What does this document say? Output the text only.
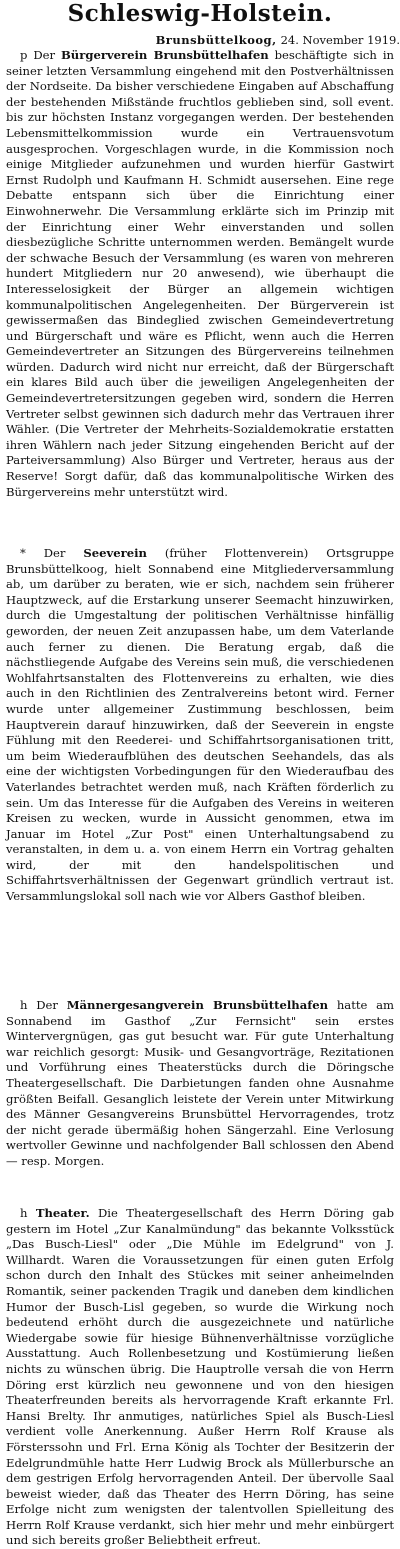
Schleswig-Holstein.
Brunsbüttelkoog, 24. November 1919.

p Der Bürgerverein Brunsbüttelhafen beschäftigte sich in seiner letzten Versammlung eingehend mit den Postverhältnissen der Nordseite. Da bisher verschiedene Eingaben auf Abschaffung der bestehenden Mißstände fruchtlos geblieben sind, soll event. bis zur höchsten Instanz vorgegangen werden. Der bestehenden Lebensmittelkommission wurde ein Vertrauensvotum ausgesprochen. Vorgeschlagen wurde, in die Kommission noch einige Mitglieder aufzunehmen und wurden hierfür Gastwirt Ernst Rudolph und Kaufmann H. Schmidt ausersehen. Eine rege Debatte entspann sich über die Einrichtung einer Einwohnerwehr. Die Versammlung erklärte sich im Prinzip mit der Einrichtung einer Wehr einverstanden und sollen diesbezügliche Schritte unternommen werden. Bemängelt wurde der schwache Besuch der Versammlung (es waren von mehreren hundert Mitgliedern nur 20 anwesend), wie überhaupt die Interesselosigkeit der Bürger an allgemein wichtigen kommunalpolitischen Angelegenheiten. Der Bürgerverein ist gewissermaßen das Bindeglied zwischen Gemeindevertretung und Bürgerschaft und wäre es Pflicht, wenn auch die Herren Gemeindevertreter an Sitzungen des Bürgervereins teilnehmen würden. Dadurch wird nicht nur erreicht, daß der Bürgerschaft ein klares Bild auch über die jeweiligen Angelegenheiten der Gemeindevertretersitzungen gegeben wird, sondern die Herren Vertreter selbst gewinnen sich dadurch mehr das Vertrauen ihrer Wähler. (Die Vertreter der Mehrheits-Sozialdemokratie erstatten ihren Wählern nach jeder Sitzung eingehenden Bericht auf der Parteiversammlung) Also Bürger und Vertreter, heraus aus der Reserve! Sorgt dafür, daß das kommunalpolitische Wirken des Bürgervereins mehr unterstützt wird.

* Der Seeverein (früher Flottenverein) Ortsgruppe Brunsbüttelkoog, hielt Sonnabend eine Mitgliederversammlung ab, um darüber zu beraten, wie er sich, nachdem sein früherer Hauptzweck, auf die Erstarkung unserer Seemacht hinzuwirken, durch die Umgestaltung der politischen Verhältnisse hinfällig geworden, der neuen Zeit anzupassen habe, um dem Vaterlande auch ferner zu dienen. Die Beratung ergab, daß die nächstliegende Aufgabe des Vereins sein muß, die verschiedenen Wohlfahrtsanstalten des Flottenvereins zu erhalten, wie dies auch in den Richtlinien des Zentralvereins betont wird. Ferner wurde unter allgemeiner Zustimmung beschlossen, beim Hauptverein darauf hinzuwirken, daß der Seeverein in engste Fühlung mit den Reederei- und Schiffahrtsorganisationen tritt, um beim Wiederaufblühen des deutschen Seehandels, das als eine der wichtigsten Vorbedingungen für den Wiederaufbau des Vaterlandes betrachtet werden muß, nach Kräften förderlich zu sein. Um das Interesse für die Aufgaben des Vereins in weiteren Kreisen zu wecken, wurde in Aussicht genommen, etwa im Januar im Hotel „Zur Post" einen Unterhaltungsabend zu veranstalten, in dem u. a. von einem Herrn ein Vortrag gehalten wird, der mit den handelspolitischen und Schiffahrtsverhältnissen der Gegenwart gründlich vertraut ist. Versammlungslokal soll nach wie vor Albers Gasthof bleiben.

h Der Männergesangverein Brunsbüttelhafen hatte am Sonnabend im Gasthof „Zur Fernsicht" sein erstes Wintervergnügen, gas gut besucht war. Für gute Unterhaltung war reichlich gesorgt: Musik- und Gesangvorträge, Rezitationen und Vorführung eines Theaterstücks durch die Döringsche Theatergesellschaft. Die Darbietungen fanden ohne Ausnahme größten Beifall. Gesanglich leistete der Verein unter Mitwirkung des Männer Gesangvereins Brunsbüttel Hervorragendes, trotz der nicht gerade übermäßig hohen Sängerzahl. Eine Verlosung wertvoller Gewinne und nachfolgender Ball schlossen den Abend — resp. Morgen.

h Theater. Die Theatergesellschaft des Herrn Döring gab gestern im Hotel „Zur Kanalmündung" das bekannte Volksstück „Das Busch-Liesl" oder „Die Mühle im Edelgrund" von J. Willhardt. Waren die Voraussetzungen für einen guten Erfolg schon durch den Inhalt des Stückes mit seiner anheimelnden Romantik, seiner packenden Tragik und daneben dem kindlichen Humor der Busch-Lisl gegeben, so wurde die Wirkung noch bedeutend erhöht durch die ausgezeichnete und natürliche Wiedergabe sowie für hiesige Bühnenverhältnisse vorzügliche Ausstattung. Auch Rollenbesetzung und Kostümierung ließen nichts zu wünschen übrig. Die Hauptrolle versah die von Herrn Döring erst kürzlich neu gewonnene und von den hiesigen Theaterfreunden bereits als hervorragende Kraft erkannte Frl. Hansi Brelty. Ihr anmutiges, natürliches Spiel als Busch-Liesl verdient volle Anerkennung. Außer Herrn Rolf Krause als Försterssohn und Frl. Erna König als Tochter der Besitzerin der Edelgrundmühle hatte Herr Ludwig Brock als Müllerbursche an dem gestrigen Erfolg hervorragenden Anteil. Der übervolle Saal beweist wieder, daß das Theater des Herrn Döring, has seine Erfolge nicht zum wenigsten der talentvollen Spielleitung des Herrn Rolf Krause verdankt, sich hier mehr und mehr einbürgert und sich bereits großer Beliebtheit erfreut.
